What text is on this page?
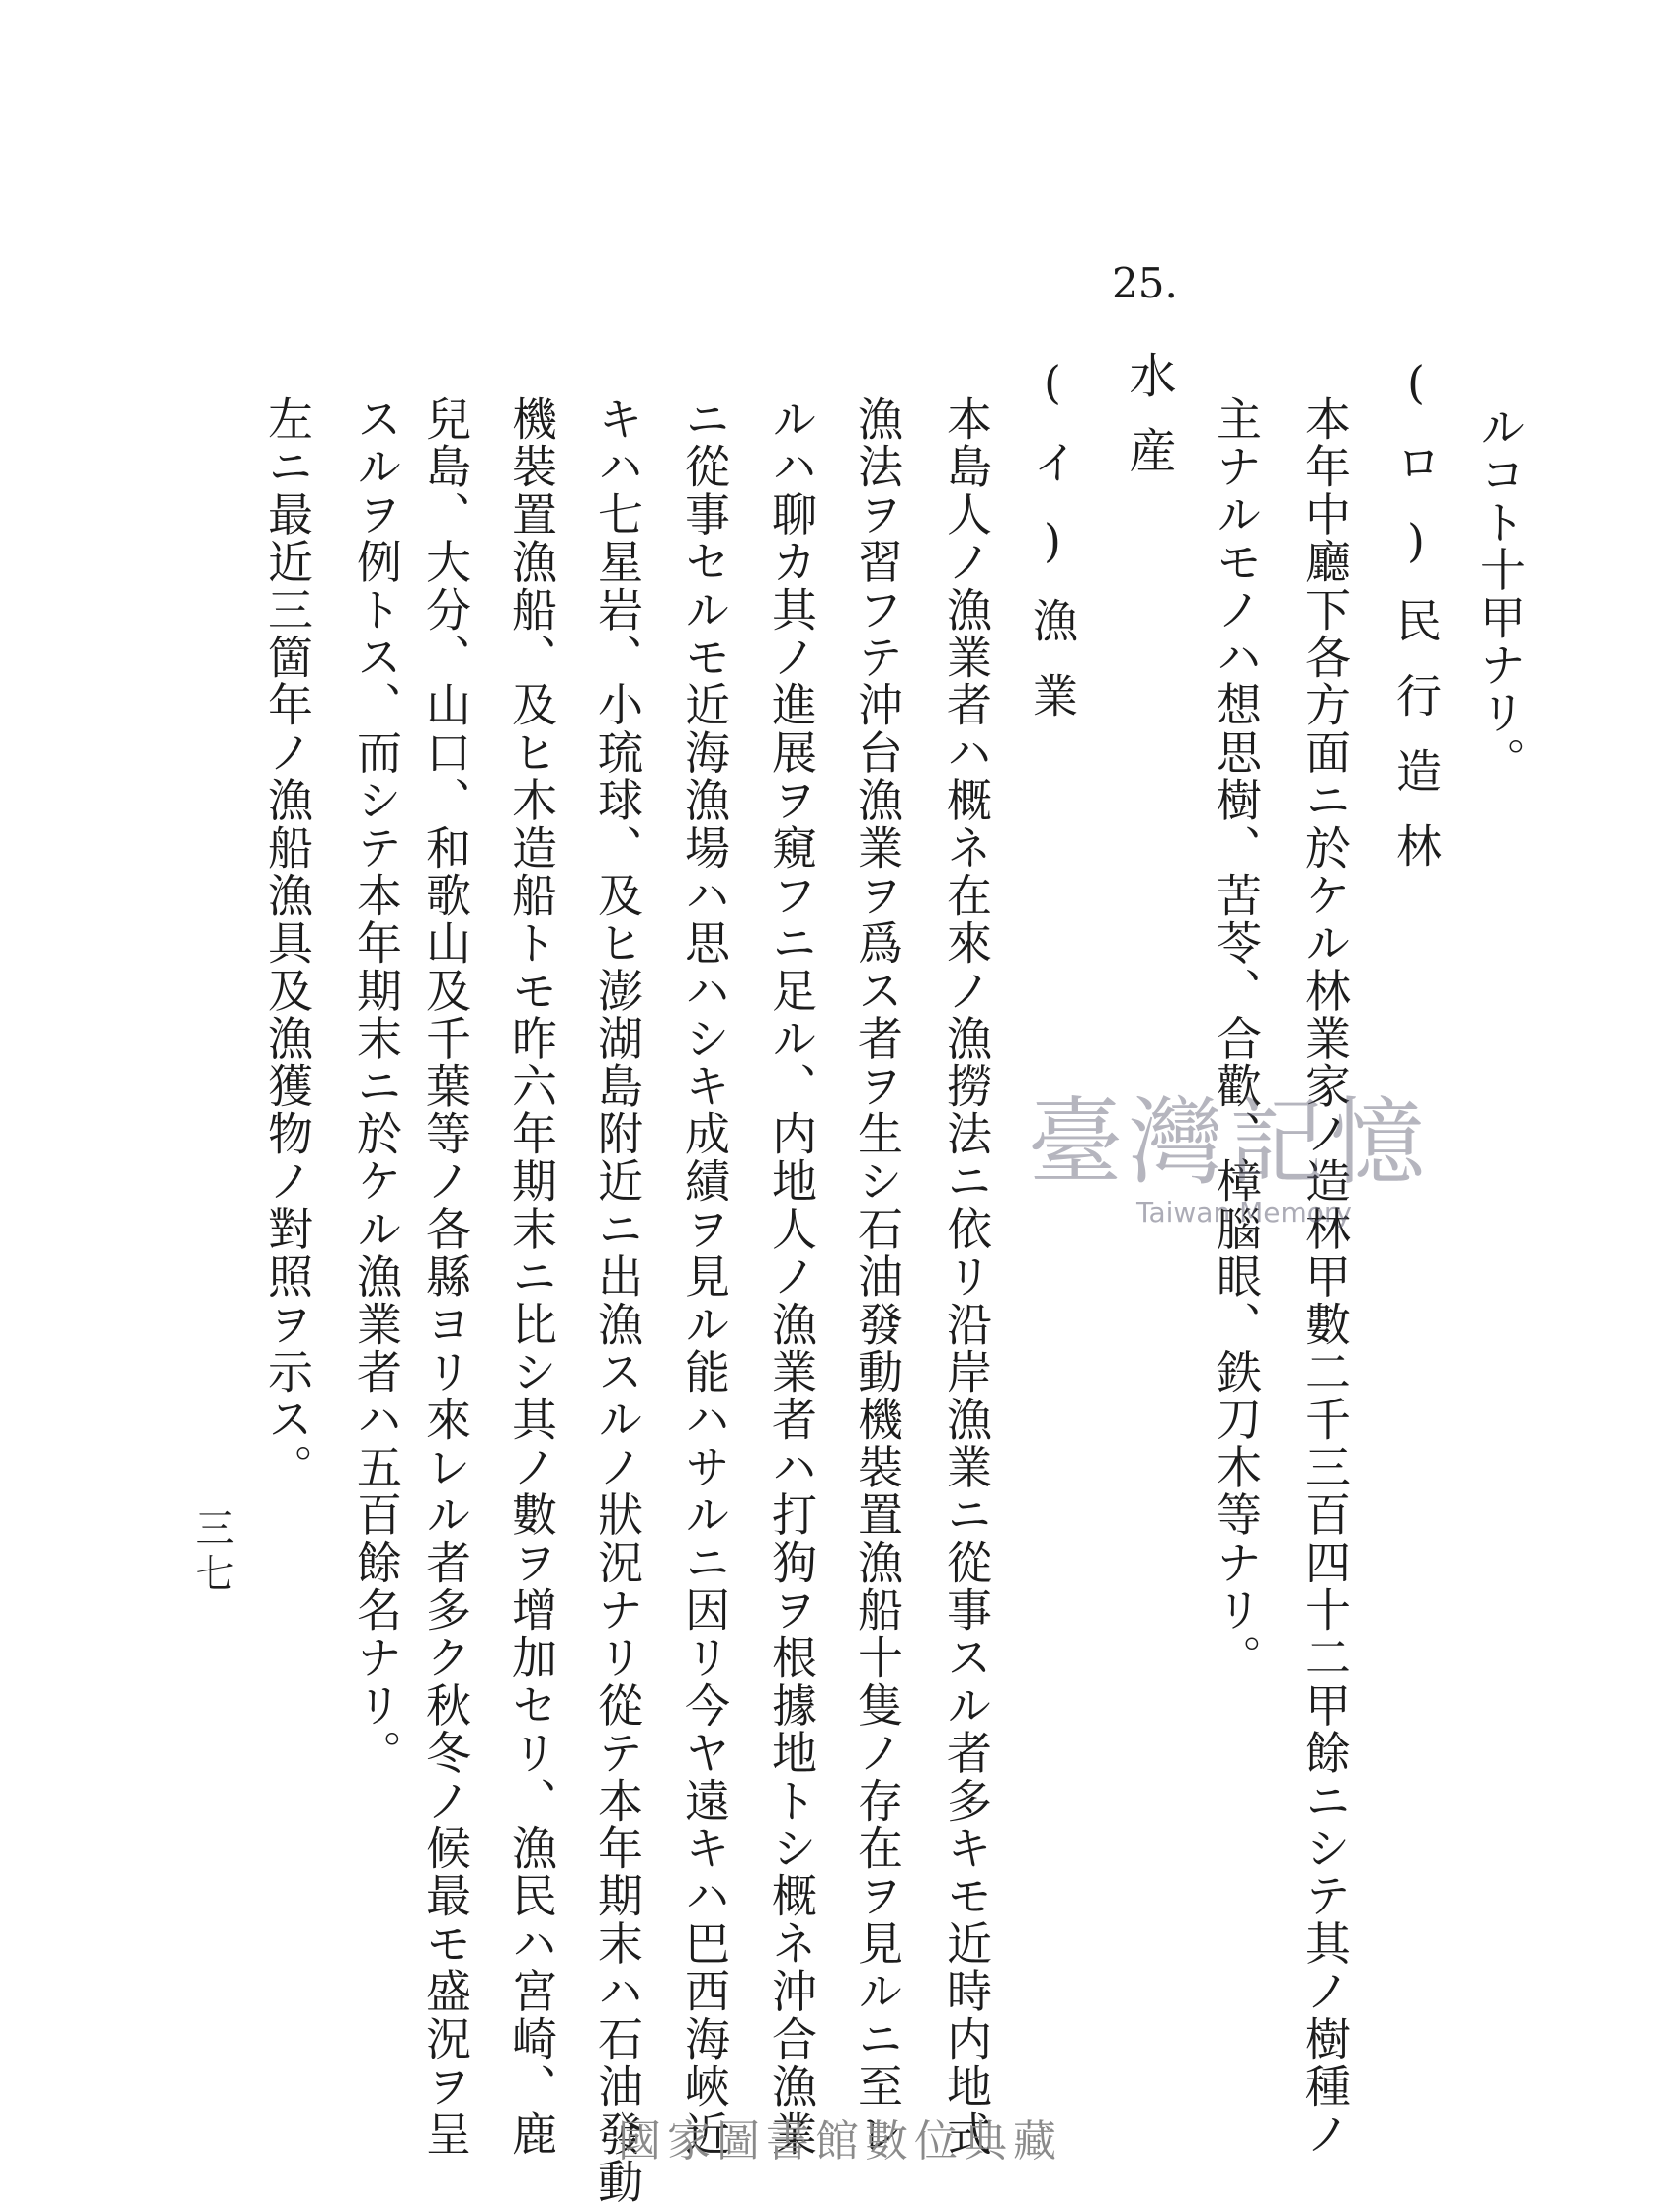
25.
ルコト十甲ナリ。
(ロ)民行造林
本年中廳下各方面ニ於ケル林業家ノ造林甲數二千三百四十二甲餘ニシテ其ノ樹種ノ
主ナルモノハ想思樹、苦苓、合歡、樟腦眼、鉄刀木等ナリ。
水産
(イ)漁業
本島人ノ漁業者ハ概ネ在來ノ漁撈法ニ依リ沿岸漁業ニ從事スル者多キモ近時内地式
漁法ヲ習フテ沖台漁業ヲ爲ス者ヲ生シ石油發動機裝置漁船十隻ノ存在ヲ見ルニ至レ
ルハ聊カ其ノ進展ヲ窺フニ足ル、内地人ノ漁業者ハ打狗ヲ根據地トシ概ネ沖合漁業
ニ從事セルモ近海漁場ハ思ハシキ成績ヲ見ル能ハサルニ因リ今ヤ遠キハ巴西海峽近
キハ七星岩、小琉球、及ヒ澎湖島附近ニ出漁スルノ狀況ナリ從テ本年期末ハ石油發動
機裝置漁船、及ヒ木造船トモ昨六年期末ニ比シ其ノ數ヲ增加セリ、漁民ハ宮崎、鹿
兒島、大分、山口、和歌山及千葉等ノ各縣ヨリ來レル者多ク秋冬ノ候最モ盛況ヲ呈
スルヲ例トス、而シテ本年期末ニ於ケル漁業者ハ五百餘名ナリ。
左ニ最近三箇年ノ漁船漁具及漁獲物ノ對照ヲ示ス。
三七
臺灣記憶
Taiwan Memory
國家圖書館數位典藏
